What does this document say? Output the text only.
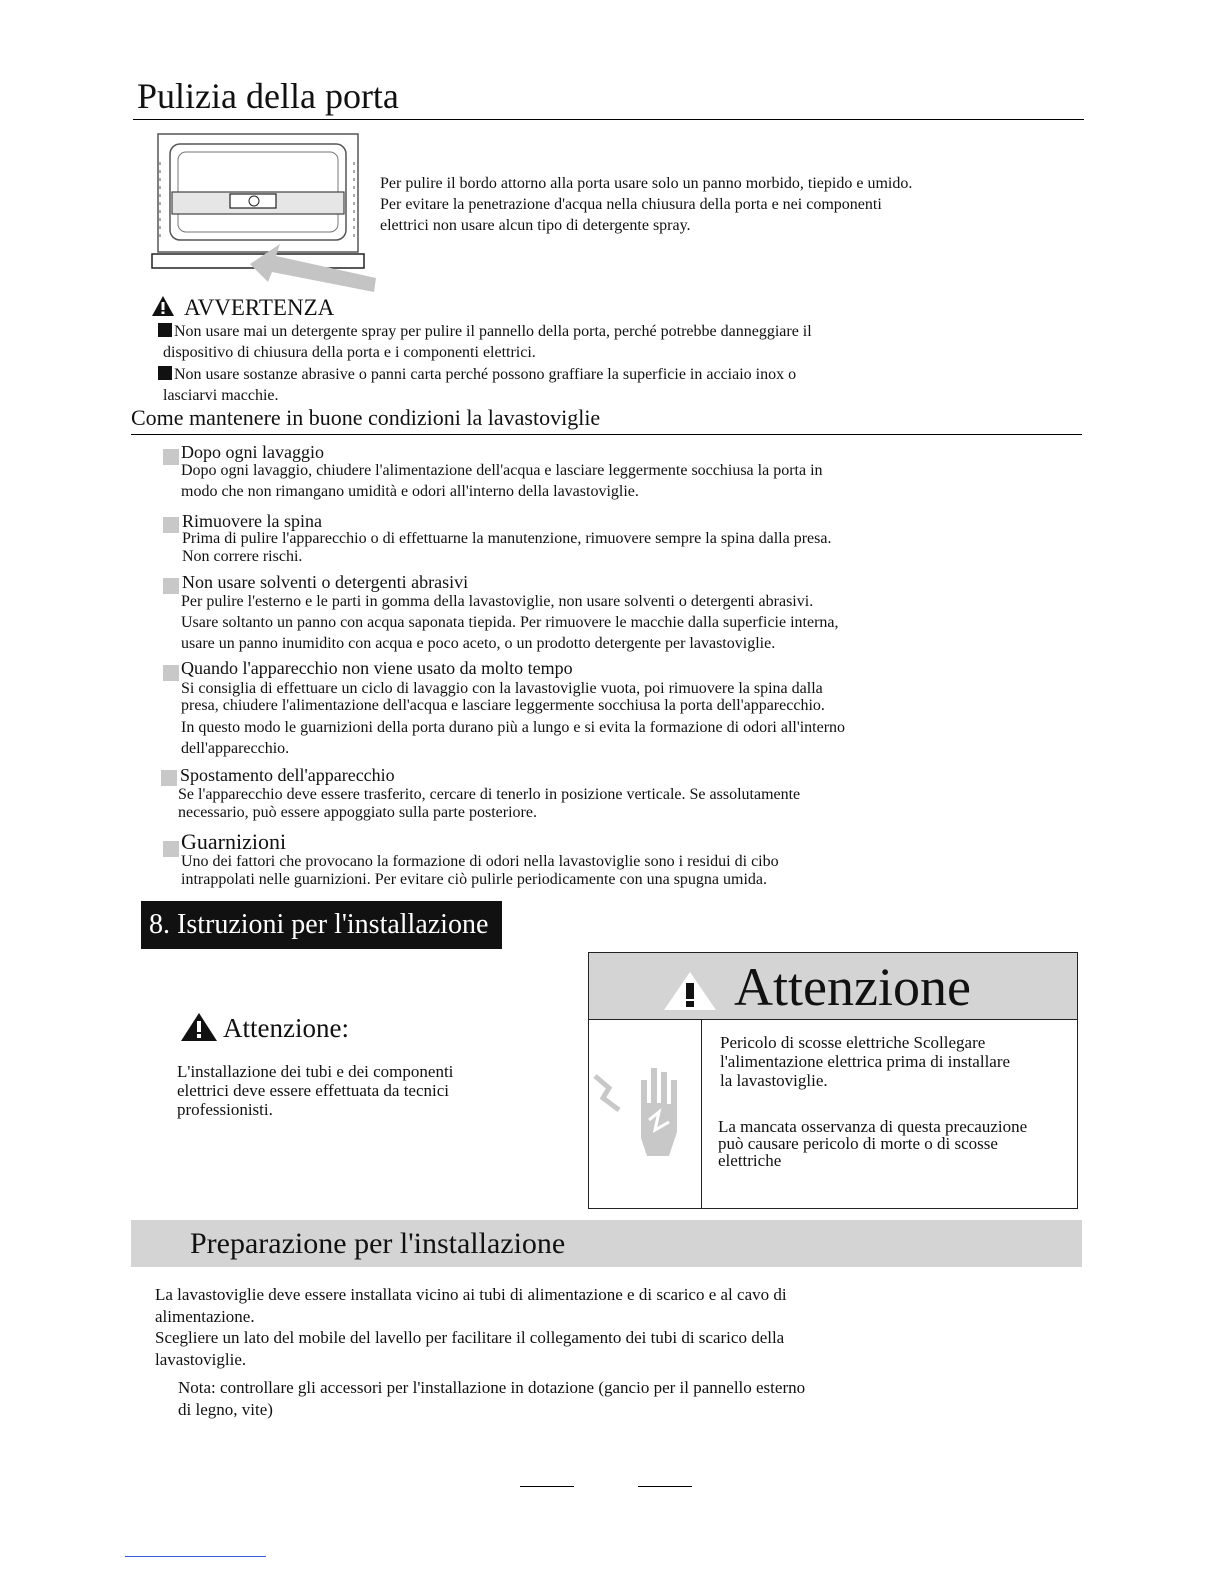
Pulizia della porta
Per pulire il bordo attorno alla porta usare solo un panno morbido, tiepido e umido.
Per evitare la penetrazione d'acqua nella chiusura della porta e nei componenti
elettrici non usare alcun tipo di detergente spray.
AVVERTENZA
Non usare mai un detergente spray per pulire il pannello della porta, perché potrebbe danneggiare il
dispositivo di chiusura della porta e i componenti elettrici.
Non usare sostanze abrasive o panni carta perché possono graffiare la superficie in acciaio inox o
lasciarvi macchie.
Come mantenere in buone condizioni la lavastoviglie
Dopo ogni lavaggio
Dopo ogni lavaggio, chiudere l'alimentazione dell'acqua e lasciare leggermente socchiusa la porta in
modo che non rimangano umidità e odori all'interno della lavastoviglie.
Rimuovere la spina
Prima di pulire l'apparecchio o di effettuarne la manutenzione, rimuovere sempre la spina dalla presa.
Non correre rischi.
Non usare solventi o detergenti abrasivi
Per pulire l'esterno e le parti in gomma della lavastoviglie, non usare solventi o detergenti abrasivi.
Usare soltanto un panno con acqua saponata tiepida. Per rimuovere le macchie dalla superficie interna,
usare un panno inumidito con acqua e poco aceto, o un prodotto detergente per lavastoviglie.
Quando l'apparecchio non viene usato da molto tempo
Si consiglia di effettuare un ciclo di lavaggio con la lavastoviglie vuota, poi rimuovere la spina dalla
presa, chiudere l'alimentazione dell'acqua e lasciare leggermente socchiusa la porta dell'apparecchio.
In questo modo le guarnizioni della porta durano più a lungo e si evita la formazione di odori all'interno
dell'apparecchio.
Spostamento dell'apparecchio
Se l'apparecchio deve essere trasferito, cercare di tenerlo in posizione verticale. Se assolutamente
necessario, può essere appoggiato sulla parte posteriore.
Guarnizioni
Uno dei fattori che provocano la formazione di odori nella lavastoviglie sono i residui di cibo
intrappolati nelle guarnizioni. Per evitare ciò pulirle periodicamente con una spugna umida.
8. Istruzioni per l'installazione
Attenzione:
L'installazione dei tubi e dei componenti
elettrici deve essere effettuata da tecnici
professionisti.
Attenzione
Pericolo di scosse elettriche Scollegare
l'alimentazione elettrica prima di installare
la lavastoviglie.
La mancata osservanza di questa precauzione
può causare pericolo di morte o di scosse
elettriche
Preparazione per l'installazione
La lavastoviglie deve essere installata vicino ai tubi di alimentazione e di scarico e al cavo di
alimentazione.
Scegliere un lato del mobile del lavello per facilitare il collegamento dei tubi di scarico della
lavastoviglie.
Nota: controllare gli accessori per l'installazione in dotazione (gancio per il pannello esterno
di legno, vite)
